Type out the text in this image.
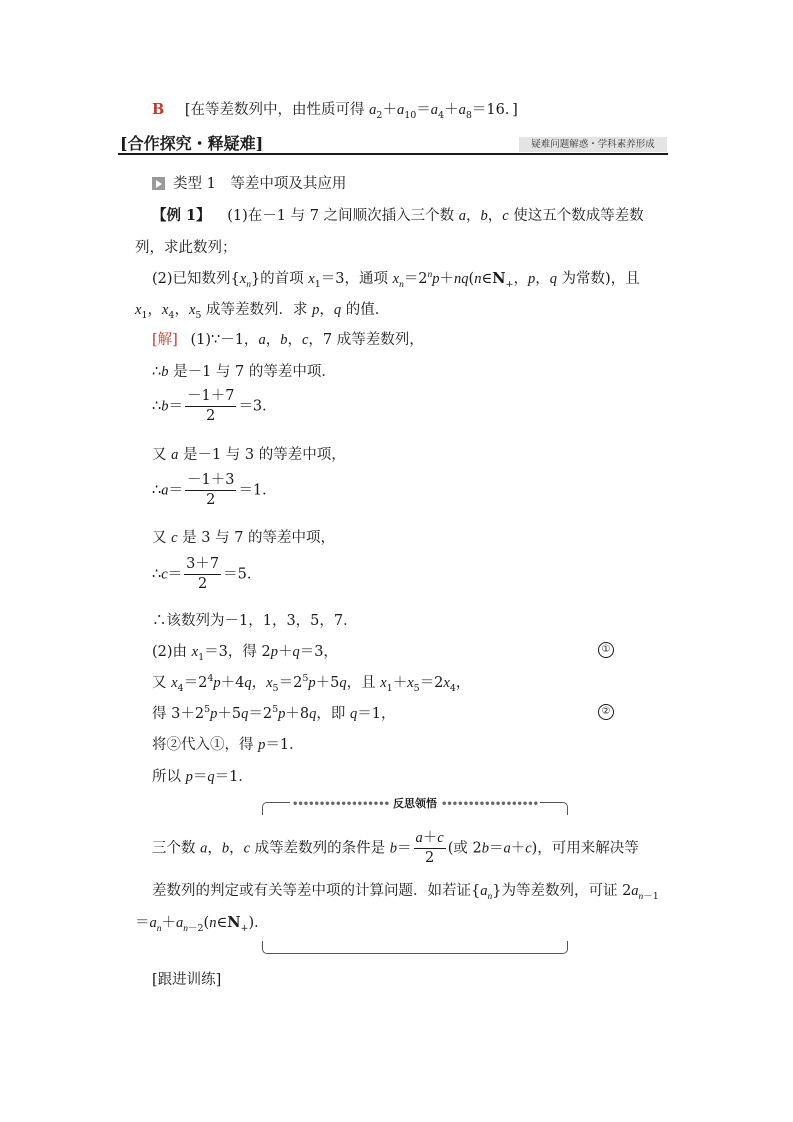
B [在等差数列中，由性质可得 $a_2+a_{10}=a_4+a_8=16$．]
[合作探究・释疑难]	疑难问题解惑・学科素养形成
类型 1　等差中项及其应用
【例 1】 (1)在－1 与 7 之间顺次插入三个数 a，b，c 使这五个数成等差数
列，求此数列；
(2)已知数列$\{x_n\}$的首项 $x_1=3$，通项 $x_n=2^np+nq(n\in N_+$，p，q 为常数)，且
$x_1$，$x_4$，$x_5$ 成等差数列．求 p，q 的值．
[解] (1)∵－1，a，b，c，7 成等差数列，
∴b 是－1 与 7 的等差中项．
∴b＝ $\frac{-1+7}{2} =3$．
又 a 是－1 与 3 的等差中项，
∴a＝ $\frac{-1+3}{2} =1$．
又 c 是 3 与 7 的等差中项，
∴c＝ $\frac{3+7}{2} =5$．
∴该数列为－1，1，3，5，7．
(2)由 $x_1=3$，得 2p＋q＝3，	①
又 $x_4=2^4p+4q$，$x_5=2^5p+5q$，且 $x_1+x_5=2x_4$，
得 $3+2^5p+5q=2^5p+8q$，即 q＝1，	②
将②代入①，得 p＝1．
所以 p＝q＝1．
•••••••••••••••••• 反思领悟 ••••••••••••••••••
三个数 a，b，c 成等差数列的条件是 $b= \frac{a+c}{2}$ (或 2b＝a＋c)，可用来解决等
差数列的判定或有关等差中项的计算问题．如若证$\{a_n\}$为等差数列，可证 $2a_{n-1}$
$=a_n+a_{n-2}(n\in N_+)$．
[跟进训练]
